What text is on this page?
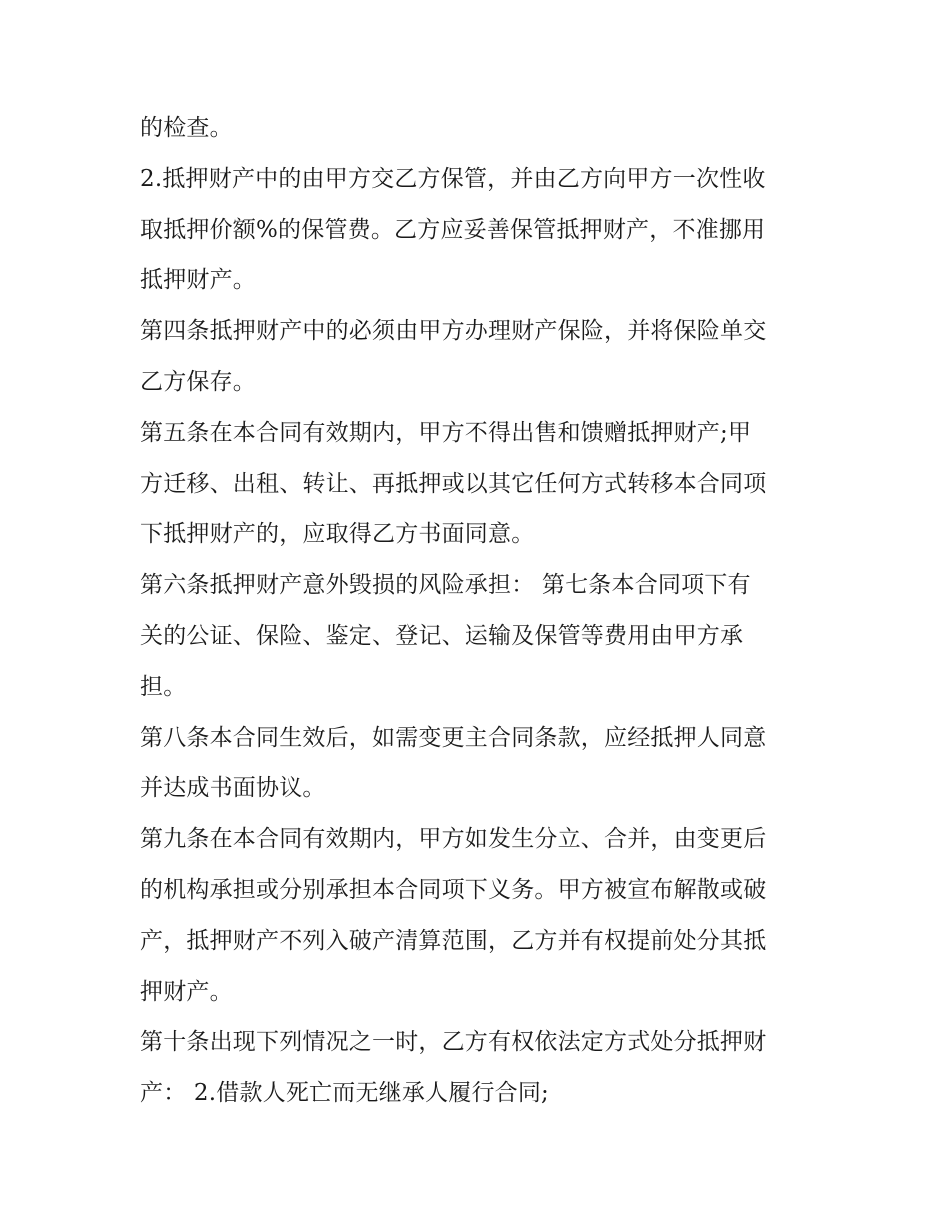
的检查。

2.抵押财产中的由甲方交乙方保管，并由乙方向甲方一次性收

取抵押价额%的保管费。乙方应妥善保管抵押财产，不准挪用

抵押财产。

第四条抵押财产中的必须由甲方办理财产保险，并将保险单交

乙方保存。

第五条在本合同有效期内，甲方不得出售和馈赠抵押财产;甲

方迁移、出租、转让、再抵押或以其它任何方式转移本合同项

下抵押财产的，应取得乙方书面同意。

第六条抵押财产意外毁损的风险承担： 第七条本合同项下有

关的公证、保险、鉴定、登记、运输及保管等费用由甲方承

担。

第八条本合同生效后，如需变更主合同条款，应经抵押人同意

并达成书面协议。

第九条在本合同有效期内，甲方如发生分立、合并，由变更后

的机构承担或分别承担本合同项下义务。甲方被宣布解散或破

产，抵押财产不列入破产清算范围，乙方并有权提前处分其抵

押财产。

第十条出现下列情况之一时，乙方有权依法定方式处分抵押财

产： 2.借款人死亡而无继承人履行合同;
